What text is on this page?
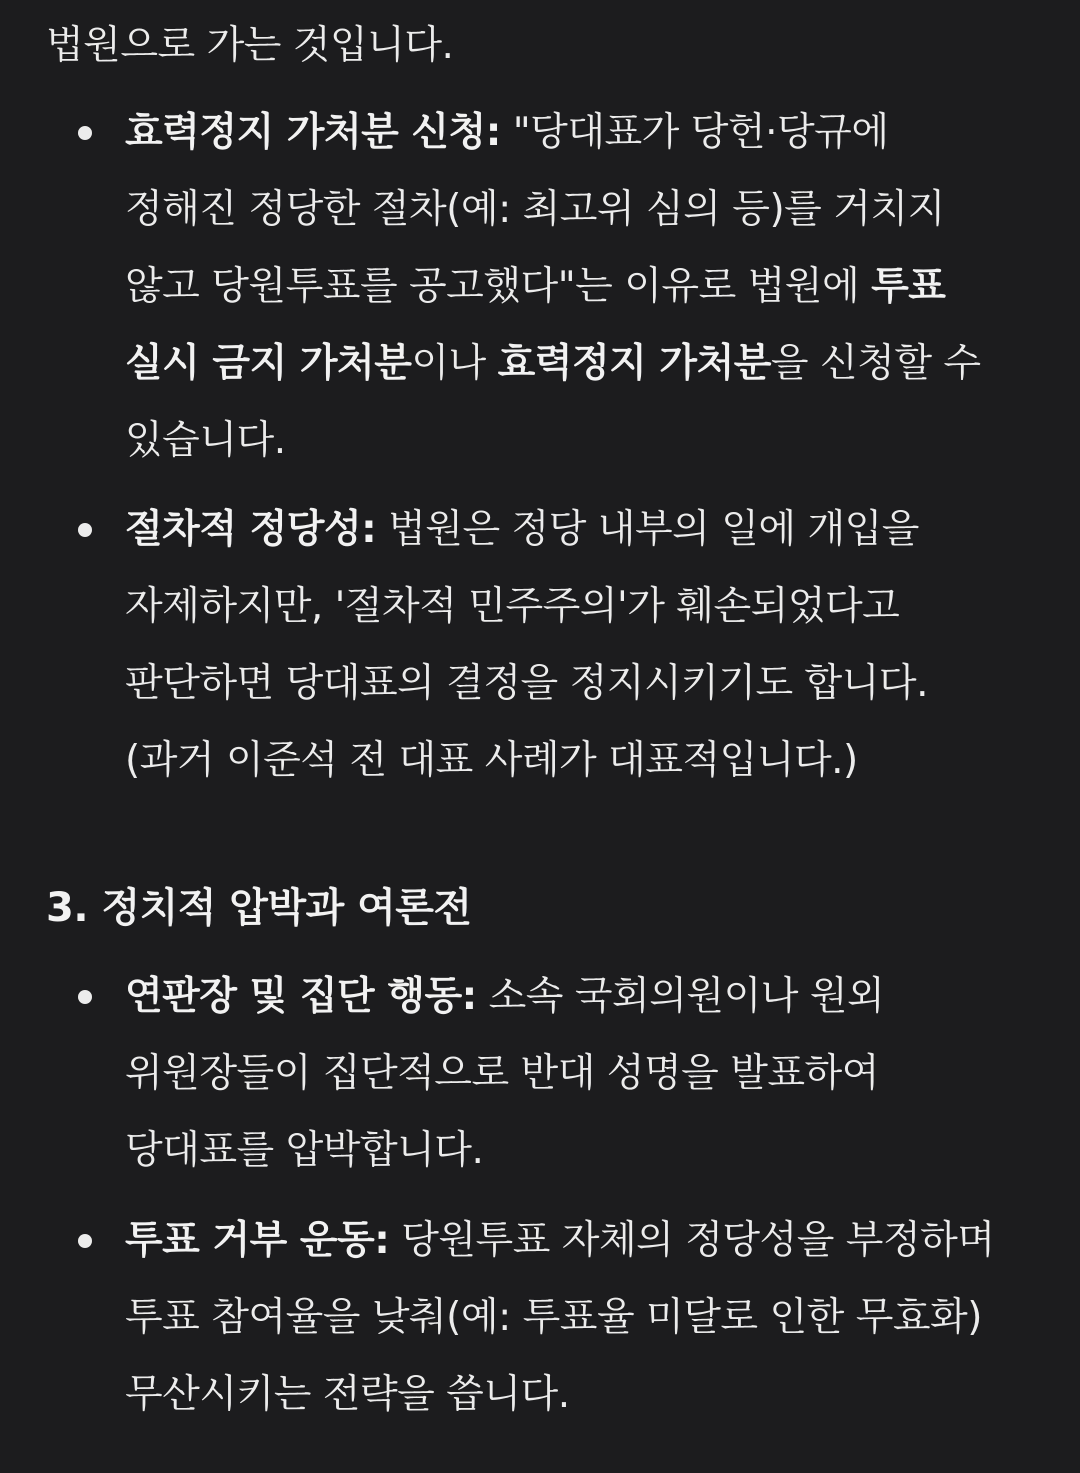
법원으로 가는 것입니다.
효력정지 가처분 신청: "당대표가 당헌·당규에
정해진 정당한 절차(예: 최고위 심의 등)를 거치지
않고 당원투표를 공고했다"는 이유로 법원에 투표
실시 금지 가처분이나 효력정지 가처분을 신청할 수
있습니다.
절차적 정당성: 법원은 정당 내부의 일에 개입을
자제하지만, '절차적 민주주의'가 훼손되었다고
판단하면 당대표의 결정을 정지시키기도 합니다.
(과거 이준석 전 대표 사례가 대표적입니다.)
3. 정치적 압박과 여론전
연판장 및 집단 행동: 소속 국회의원이나 원외
위원장들이 집단적으로 반대 성명을 발표하여
당대표를 압박합니다.
투표 거부 운동: 당원투표 자체의 정당성을 부정하며
투표 참여율을 낮춰(예: 투표율 미달로 인한 무효화)
무산시키는 전략을 씁니다.
